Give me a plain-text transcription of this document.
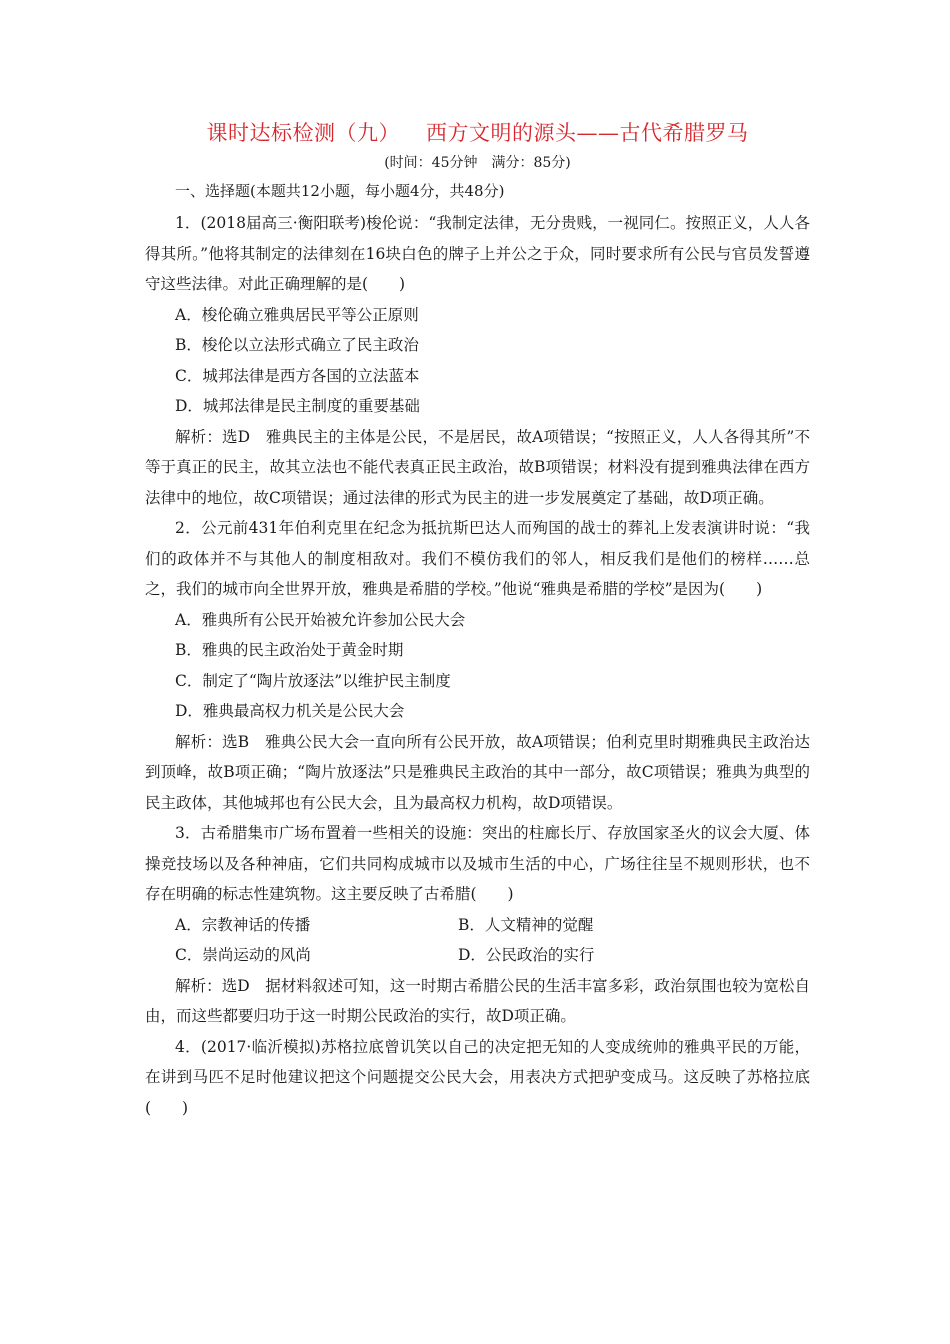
课时达标检测（九） 西方文明的源头——古代希腊罗马
(时间：45分钟　满分：85分)
一、选择题(本题共12小题，每小题4分，共48分)

1．(2018届高三·衡阳联考)梭伦说：“我制定法律，无分贵贱，一视同仁。按照正义，人人各得其所。”他将其制定的法律刻在16块白色的牌子上并公之于众，同时要求所有公民与官员发誓遵守这些法律。对此正确理解的是(　　)

A．梭伦确立雅典居民平等公正原则

B．梭伦以立法形式确立了民主政治

C．城邦法律是西方各国的立法蓝本

D．城邦法律是民主制度的重要基础

解析：选D　雅典民主的主体是公民，不是居民，故A项错误；“按照正义，人人各得其所”不等于真正的民主，故其立法也不能代表真正民主政治，故B项错误；材料没有提到雅典法律在西方法律中的地位，故C项错误；通过法律的形式为民主的进一步发展奠定了基础，故D项正确。

2．公元前431年伯利克里在纪念为抵抗斯巴达人而殉国的战士的葬礼上发表演讲时说：“我们的政体并不与其他人的制度相敌对。我们不模仿我们的邻人，相反我们是他们的榜样……总之，我们的城市向全世界开放，雅典是希腊的学校。”他说“雅典是希腊的学校”是因为(　　)

A．雅典所有公民开始被允许参加公民大会

B．雅典的民主政治处于黄金时期

C．制定了“陶片放逐法”以维护民主制度

D．雅典最高权力机关是公民大会

解析：选B　雅典公民大会一直向所有公民开放，故A项错误；伯利克里时期雅典民主政治达到顶峰，故B项正确；“陶片放逐法”只是雅典民主政治的其中一部分，故C项错误；雅典为典型的民主政体，其他城邦也有公民大会，且为最高权力机构，故D项错误。

3．古希腊集市广场布置着一些相关的设施：突出的柱廊长厅、存放国家圣火的议会大厦、体操竞技场以及各种神庙，它们共同构成城市以及城市生活的中心，广场往往呈不规则形状，也不存在明确的标志性建筑物。这主要反映了古希腊(　　)

A．宗教神话的传播	B．人文精神的觉醒
C．崇尚运动的风尚	D．公民政治的实行

解析：选D　据材料叙述可知，这一时期古希腊公民的生活丰富多彩，政治氛围也较为宽松自由，而这些都要归功于这一时期公民政治的实行，故D项正确。

4．(2017·临沂模拟)苏格拉底曾讥笑以自己的决定把无知的人变成统帅的雅典平民的万能，在讲到马匹不足时他建议把这个问题提交公民大会，用表决方式把驴变成马。这反映了苏格拉底(　　)
